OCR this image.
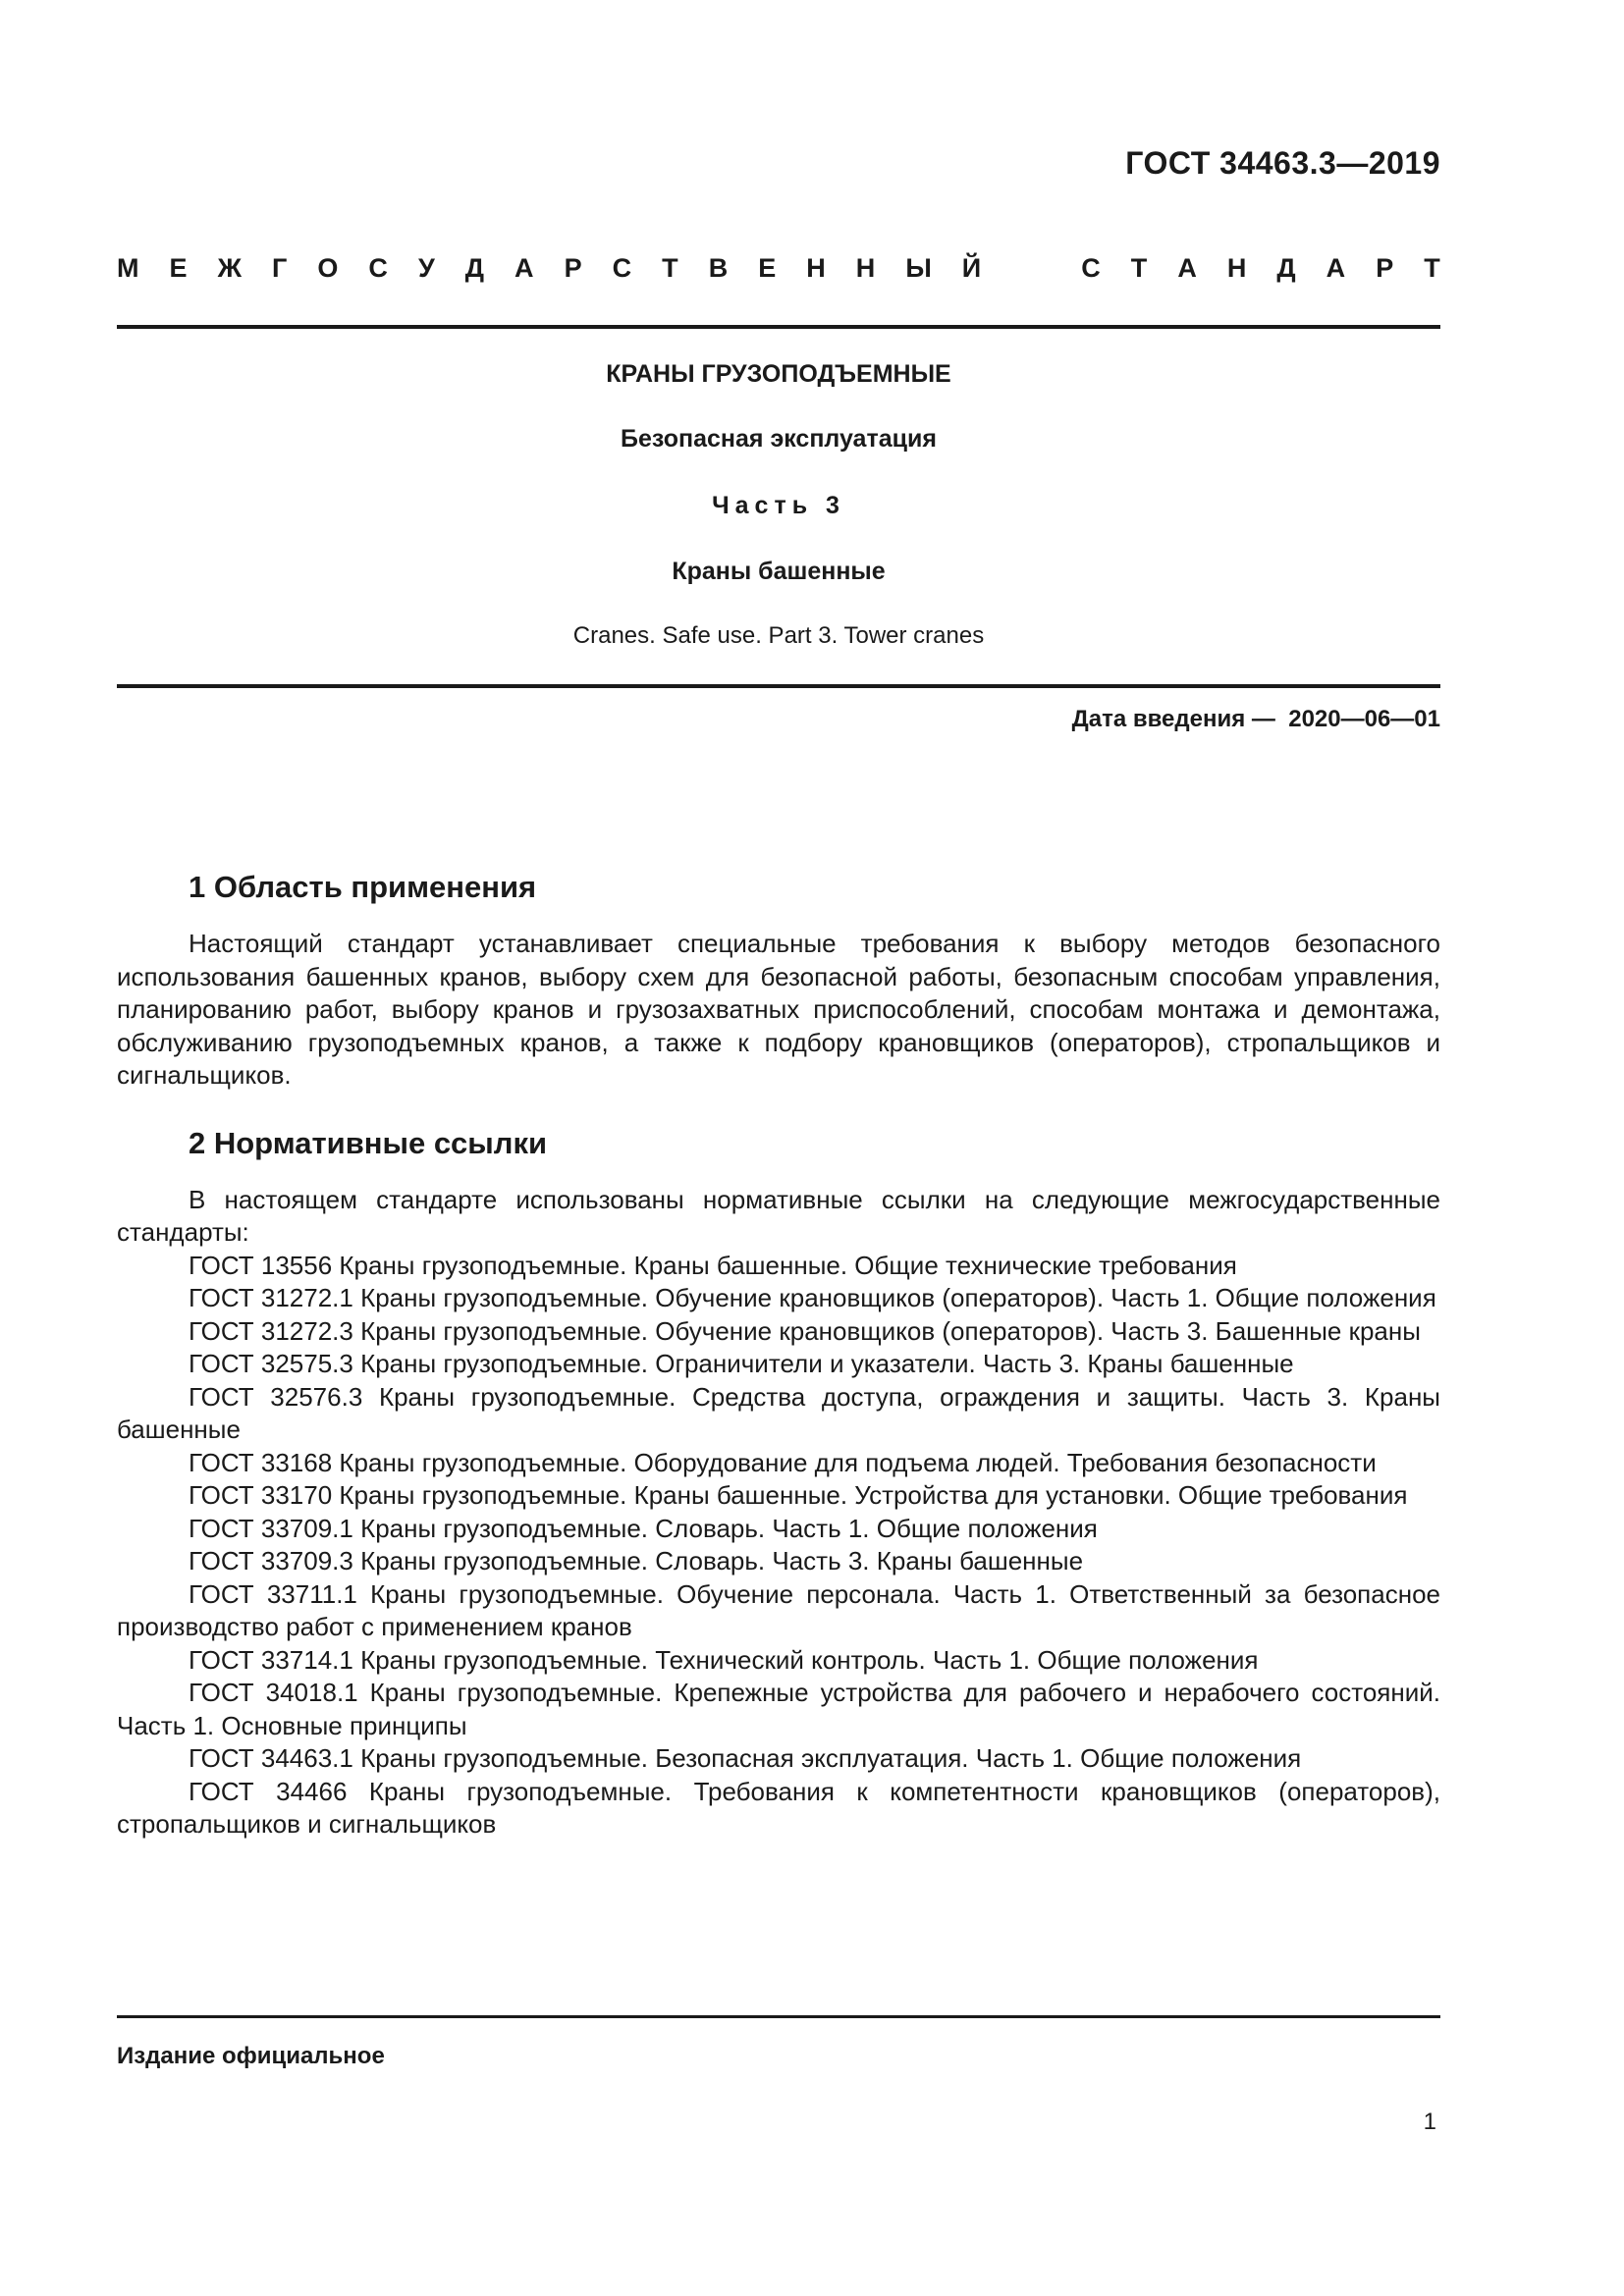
ГОСТ 34463.3—2019
М Е Ж Г О С У Д А Р С Т В Е Н Н Ы Й	С Т А Н Д А Р Т
КРАНЫ ГРУЗОПОДЪЕМНЫЕ
Безопасная эксплуатация
Часть 3
Краны башенные
Cranes. Safe use. Part 3. Tower cranes
Дата введения —  2020—06—01
1 Область применения

Настоящий стандарт устанавливает специальные требования к выбору методов безопасного использования башенных кранов, выбору схем для безопасной работы, безопасным способам управления, планированию работ, выбору кранов и грузозахватных приспособлений, способам монтажа и демонтажа, обслуживанию грузоподъемных кранов, а также к подбору крановщиков (операторов), стропальщиков и сигнальщиков.

2 Нормативные ссылки

В настоящем стандарте использованы нормативные ссылки на следующие межгосударственные стандарты:

ГОСТ 13556 Краны грузоподъемные. Краны башенные. Общие технические требования
ГОСТ 31272.1 Краны грузоподъемные. Обучение крановщиков (операторов). Часть 1. Общие положения
ГОСТ 31272.3 Краны грузоподъемные. Обучение крановщиков (операторов). Часть 3. Башенные краны
ГОСТ 32575.3 Краны грузоподъемные. Ограничители и указатели. Часть 3. Краны башенные
ГОСТ 32576.3 Краны грузоподъемные. Средства доступа, ограждения и защиты. Часть 3. Краны башенные
ГОСТ 33168 Краны грузоподъемные. Оборудование для подъема людей. Требования безопасности
ГОСТ 33170 Краны грузоподъемные. Краны башенные. Устройства для установки. Общие требования
ГОСТ 33709.1 Краны грузоподъемные. Словарь. Часть 1. Общие положения
ГОСТ 33709.3 Краны грузоподъемные. Словарь. Часть 3. Краны башенные
ГОСТ 33711.1 Краны грузоподъемные. Обучение персонала. Часть 1. Ответственный за безопасное производство работ с применением кранов
ГОСТ 33714.1 Краны грузоподъемные. Технический контроль. Часть 1. Общие положения
ГОСТ 34018.1 Краны грузоподъемные. Крепежные устройства для рабочего и нерабочего состояний. Часть 1. Основные принципы
ГОСТ 34463.1 Краны грузоподъемные. Безопасная эксплуатация. Часть 1. Общие положения
ГОСТ 34466 Краны грузоподъемные. Требования к компетентности крановщиков (операторов), стропальщиков и сигнальщиков
Издание официальное
1
